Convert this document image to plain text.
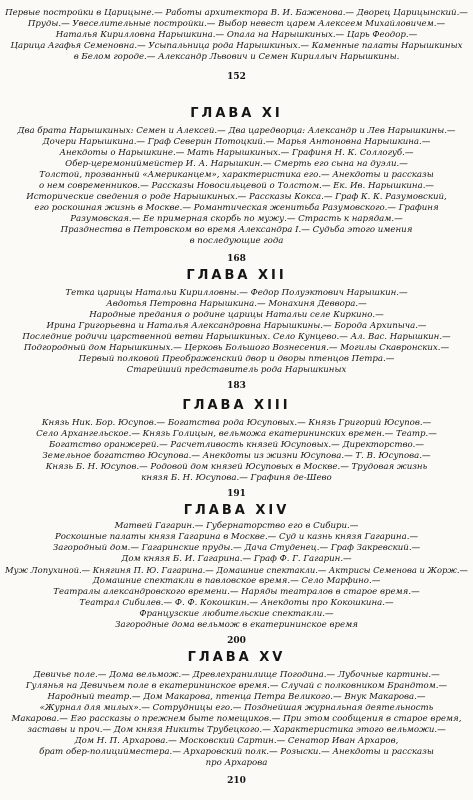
Первые постройки в Царицыне.— Работы архитектора В. И. Баженова.— Дворец Царицынский.—
Пруды.— Увеселительные постройки.— Выбор невест царем Алексеем Михайловичем.—
Наталья Кирилловна Нарышкина.— Опала на Нарышкиных.— Царь Феодор.—
Царица Агафья Семеновна.— Усыпальница рода Нарышкиных.— Каменные палаты Нарышкиных
в Белом городе.— Александр Львович и Семен Кириллыч Нарышкины.
152
ГЛАВА XI
Два брата Нарышкиных: Семен и Алексей.— Два царедворца: Александр и Лев Нарышкины.—
Дочери Нарышкина.— Граф Северин Потоцкий.— Марья Антоновна Нарышкина.—
Анекдоты о Нарышкине.— Мать Нарышкиных.— Графиня Н. К. Соллогуб.—
Обер-церемониймейстер И. А. Нарышкин.— Смерть его сына на дуэли.—
Толстой, прозванный «Американцем», характеристика его.— Анекдоты и рассказы
о нем современников.— Рассказы Новосильцевой о Толстом.— Ек. Ив. Нарышкина.—
Исторические сведения о роде Нарышкиных.— Рассказы Кокса.— Граф К. К. Разумовский,
его роскошная жизнь в Москве.— Романтическая женитьба Разумовского.— Графиня
Разумовская.— Ее примерная скорбь по мужу.— Страсть к нарядам.—
Празднества в Петровском во время Александра I.— Судьба этого имения
в последующие года
168
ГЛАВА XII
Тетка царицы Натальи Кирилловны.— Федор Полуэктович Нарышкин.—
Авдотья Петровна Нарышкина.— Монахиня Деввора.—
Народные предания о родине царицы Натальи селе Киркино.—
Ирина Григорьевна и Наталья Александровна Нарышкины.— Борода Архипыча.—
Последние родичи царственной ветви Нарышкиных. Село Кунцево.— Ал. Вас. Нарышкин.—
Подгородный дом Нарышкиных.— Церковь Большого Вознесения.— Могилы Скавронских.—
Первый полковой Преображенский двор и дворы птенцов Петра.—
Старейший представитель рода Нарышкиных
183
ГЛАВА XIII
Князь Ник. Бор. Юсупов.— Богатства рода Юсуповых.— Князь Григорий Юсупов.—
Село Архангельское.— Князь Голицын, вельможа екатерининских времен.— Театр.—
Богатство оранжерей.— Расчетливость князей Юсуповых.— Директорство.—
Земельное богатство Юсупова.— Анекдоты из жизни Юсупова.— Т. В. Юсупова.—
Князь Б. Н. Юсупов.— Родовой дом князей Юсуповых в Москве.— Трудовая жизнь
князя Б. Н. Юсупова.— Графиня де-Шево
191
ГЛАВА XIV
Матвей Гагарин.— Губернаторство его в Сибири.—
Роскошные палаты князя Гагарина в Москве.— Суд и казнь князя Гагарина.—
Загородный дом.— Гагаринские пруды.— Дача Студенец.— Граф Закревский.—
Дом князя Б. И. Гагарина.— Граф Ф. Г. Гагарин.—
Муж Лопухиной.— Княгиня П. Ю. Гагарина.— Домашние спектакли.— Актрисы Семенова и Жорж.—
Домашние спектакли в павловское время.— Село Марфино.—
Театралы александровского времени.— Наряды театралов в старое время.—
Театрал Сибилев.— Ф. Ф. Кокошкин.— Анекдоты про Кокошкина.—
Французские любительские спектакли.—
Загородные дома вельмож в екатерининское время
200
ГЛАВА XV
Девичье поле.— Дома вельмож.— Древлехранилище Погодина.— Лубочные картины.—
Гулянья на Девичьем поле в екатерининское время.— Случай с полковником Брандтом.—
Народный театр.— Дом Макарова, птенца Петра Великого.— Внук Макарова.—
«Журнал для милых».— Сотрудницы его.— Позднейшая журнальная деятельность
Макарова.— Его рассказы о прежнем быте помещиков.— При этом сообщения в старое время,
заставы и проч.— Дом князя Никиты Трубецкого.— Характеристика этого вельможи.—
Дом Н. П. Архарова.— Московский Сартин.— Сенатор Иван Архаров,
брат обер-полицийместера.— Архаровский полк.— Розыски.— Анекдоты и рассказы
про Архарова
210
